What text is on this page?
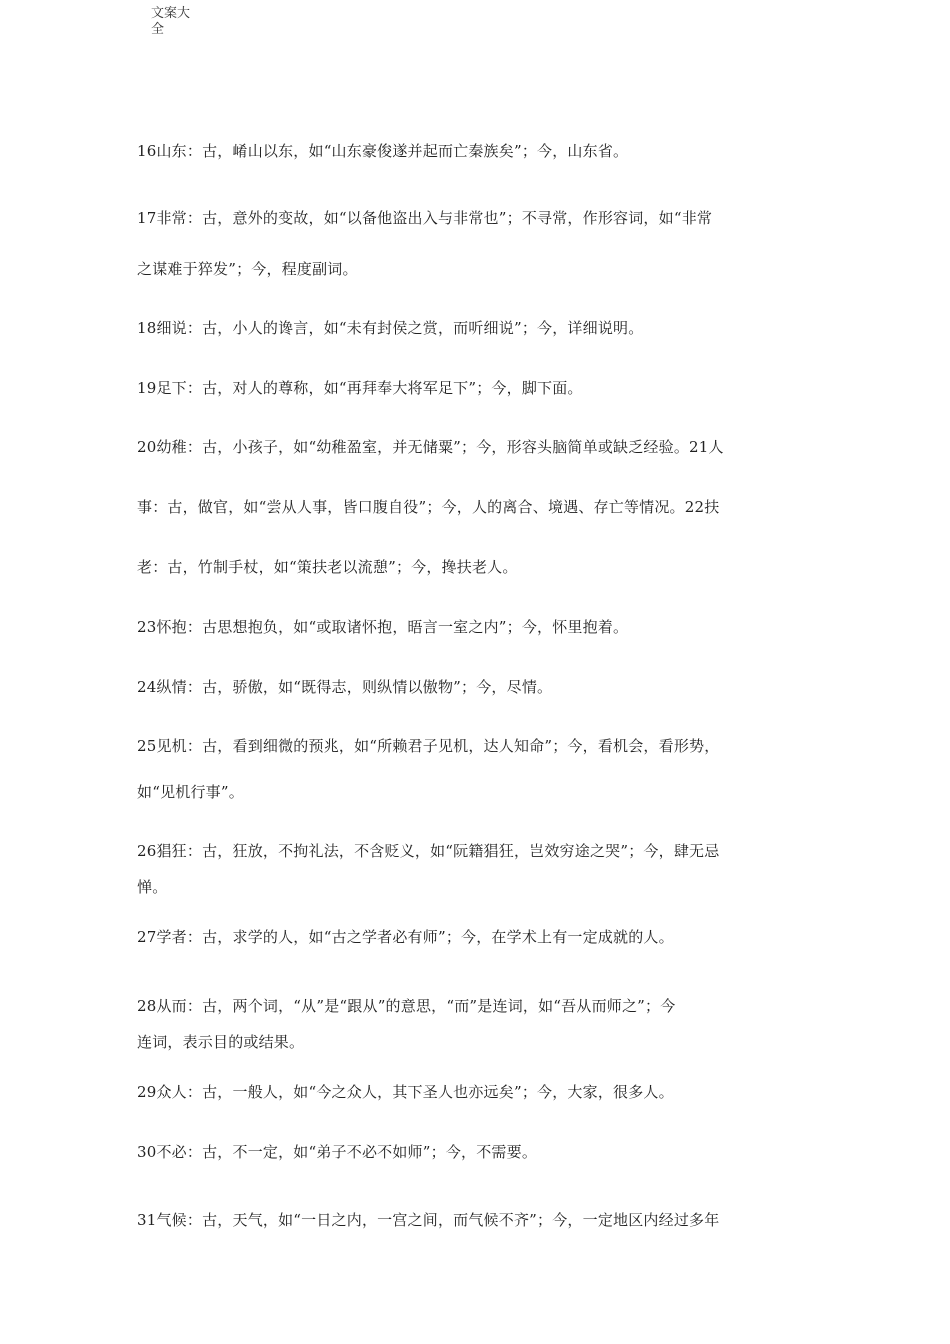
文案大全
16山东：古，崤山以东，如“山东豪俊遂并起而亡秦族矣”；今，山东省。
17非常：古，意外的变故，如“以备他盗出入与非常也”；不寻常，作形容词，如“非常
之谋难于猝发”；今，程度副词。
18细说：古，小人的谗言，如“未有封侯之赏，而听细说”；今，详细说明。
19足下：古，对人的尊称，如“再拜奉大将军足下”；今，脚下面。
20幼稚：古，小孩子，如“幼稚盈室，并无储粟”；今，形容头脑简单或缺乏经验。21人
事：古，做官，如“尝从人事，皆口腹自役”；今，人的离合、境遇、存亡等情况。22扶
老：古，竹制手杖，如“策扶老以流憩”；今，搀扶老人。
23怀抱：古思想抱负，如“或取诸怀抱，晤言一室之内”；今，怀里抱着。
24纵情：古，骄傲，如“既得志，则纵情以傲物”；今，尽情。
25见机：古，看到细微的预兆，如“所赖君子见机，达人知命”；今，看机会，看形势，
如“见机行事”。
26猖狂：古，狂放，不拘礼法，不含贬义，如“阮籍猖狂，岂效穷途之哭”；今，肆无忌
惮。
27学者：古，求学的人，如“古之学者必有师”；今，在学术上有一定成就的人。
28从而：古，两个词，“从”是“跟从”的意思，“而”是连词，如“吾从而师之”；今
连词，表示目的或结果。
29众人：古，一般人，如“今之众人，其下圣人也亦远矣”；今，大家，很多人。
30不必：古，不一定，如“弟子不必不如师”；今，不需要。
31气候：古，天气，如“一日之内，一宫之间，而气候不齐”；今，一定地区内经过多年
